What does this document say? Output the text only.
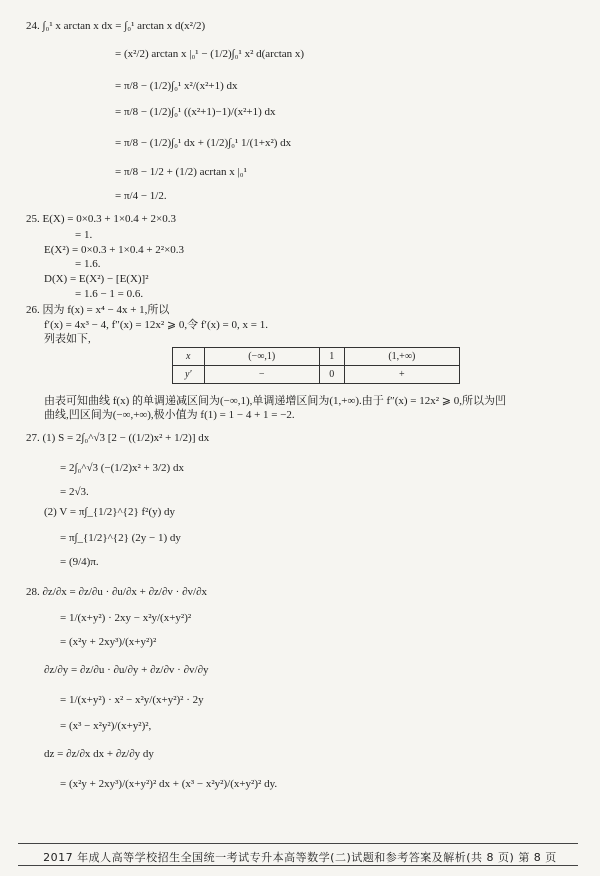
24. ∫₀¹ x arctan x dx = ∫₀¹ arctan x d(x²/2)
= (x²/2) arctan x |₀¹ − (1/2)∫₀¹ x² d(arctan x)
= π/8 − (1/2)∫₀¹ x²/(x²+1) dx
= π/8 − (1/2)∫₀¹ ((x²+1)−1)/(x²+1) dx
= π/8 − (1/2)∫₀¹ dx + (1/2)∫₀¹ 1/(1+x²) dx
= π/8 − 1/2 + (1/2) acrtan x |₀¹
= π/4 − 1/2.
25. E(X) = 0×0.3 + 1×0.4 + 2×0.3
= 1.
E(X²) = 0×0.3 + 1×0.4 + 2²×0.3
= 1.6.
D(X) = E(X²) − [E(X)]²
= 1.6 − 1 = 0.6.
26. 因为 f(x) = x⁴ − 4x + 1,所以
f′(x) = 4x³ − 4, f″(x) = 12x² ⩾ 0,令 f′(x) = 0, x = 1.
列表如下,
x	(−∞,1)	1	(1,+∞)
y′	−	0	+
由表可知曲线 f(x) 的单调递减区间为(−∞,1),单调递增区间为(1,+∞).由于 f″(x) = 12x² ⩾ 0,所以为凹
曲线,凹区间为(−∞,+∞),极小值为 f(1) = 1 − 4 + 1 = −2.
27. (1) S = 2∫₀^√3 [2 − ((1/2)x² + 1/2)] dx
= 2∫₀^√3 (−(1/2)x² + 3/2) dx
= 2√3.
(2) V = π∫_{1/2}^{2} f²(y) dy
= π∫_{1/2}^{2} (2y − 1) dy
= (9/4)π.
28. ∂z/∂x = ∂z/∂u · ∂u/∂x + ∂z/∂v · ∂v/∂x
= 1/(x+y²) · 2xy − x²y/(x+y²)²
= (x²y + 2xy³)/(x+y²)²
∂z/∂y = ∂z/∂u · ∂u/∂y + ∂z/∂v · ∂v/∂y
= 1/(x+y²) · x² − x²y/(x+y²)² · 2y
= (x³ − x²y²)/(x+y²)²,
dz = ∂z/∂x dx + ∂z/∂y dy
= (x²y + 2xy³)/(x+y²)² dx + (x³ − x²y²)/(x+y²)² dy.
2017 年成人高等学校招生全国统一考试专升本高等数学(二)试题和参考答案及解析(共 8 页) 第 8 页
